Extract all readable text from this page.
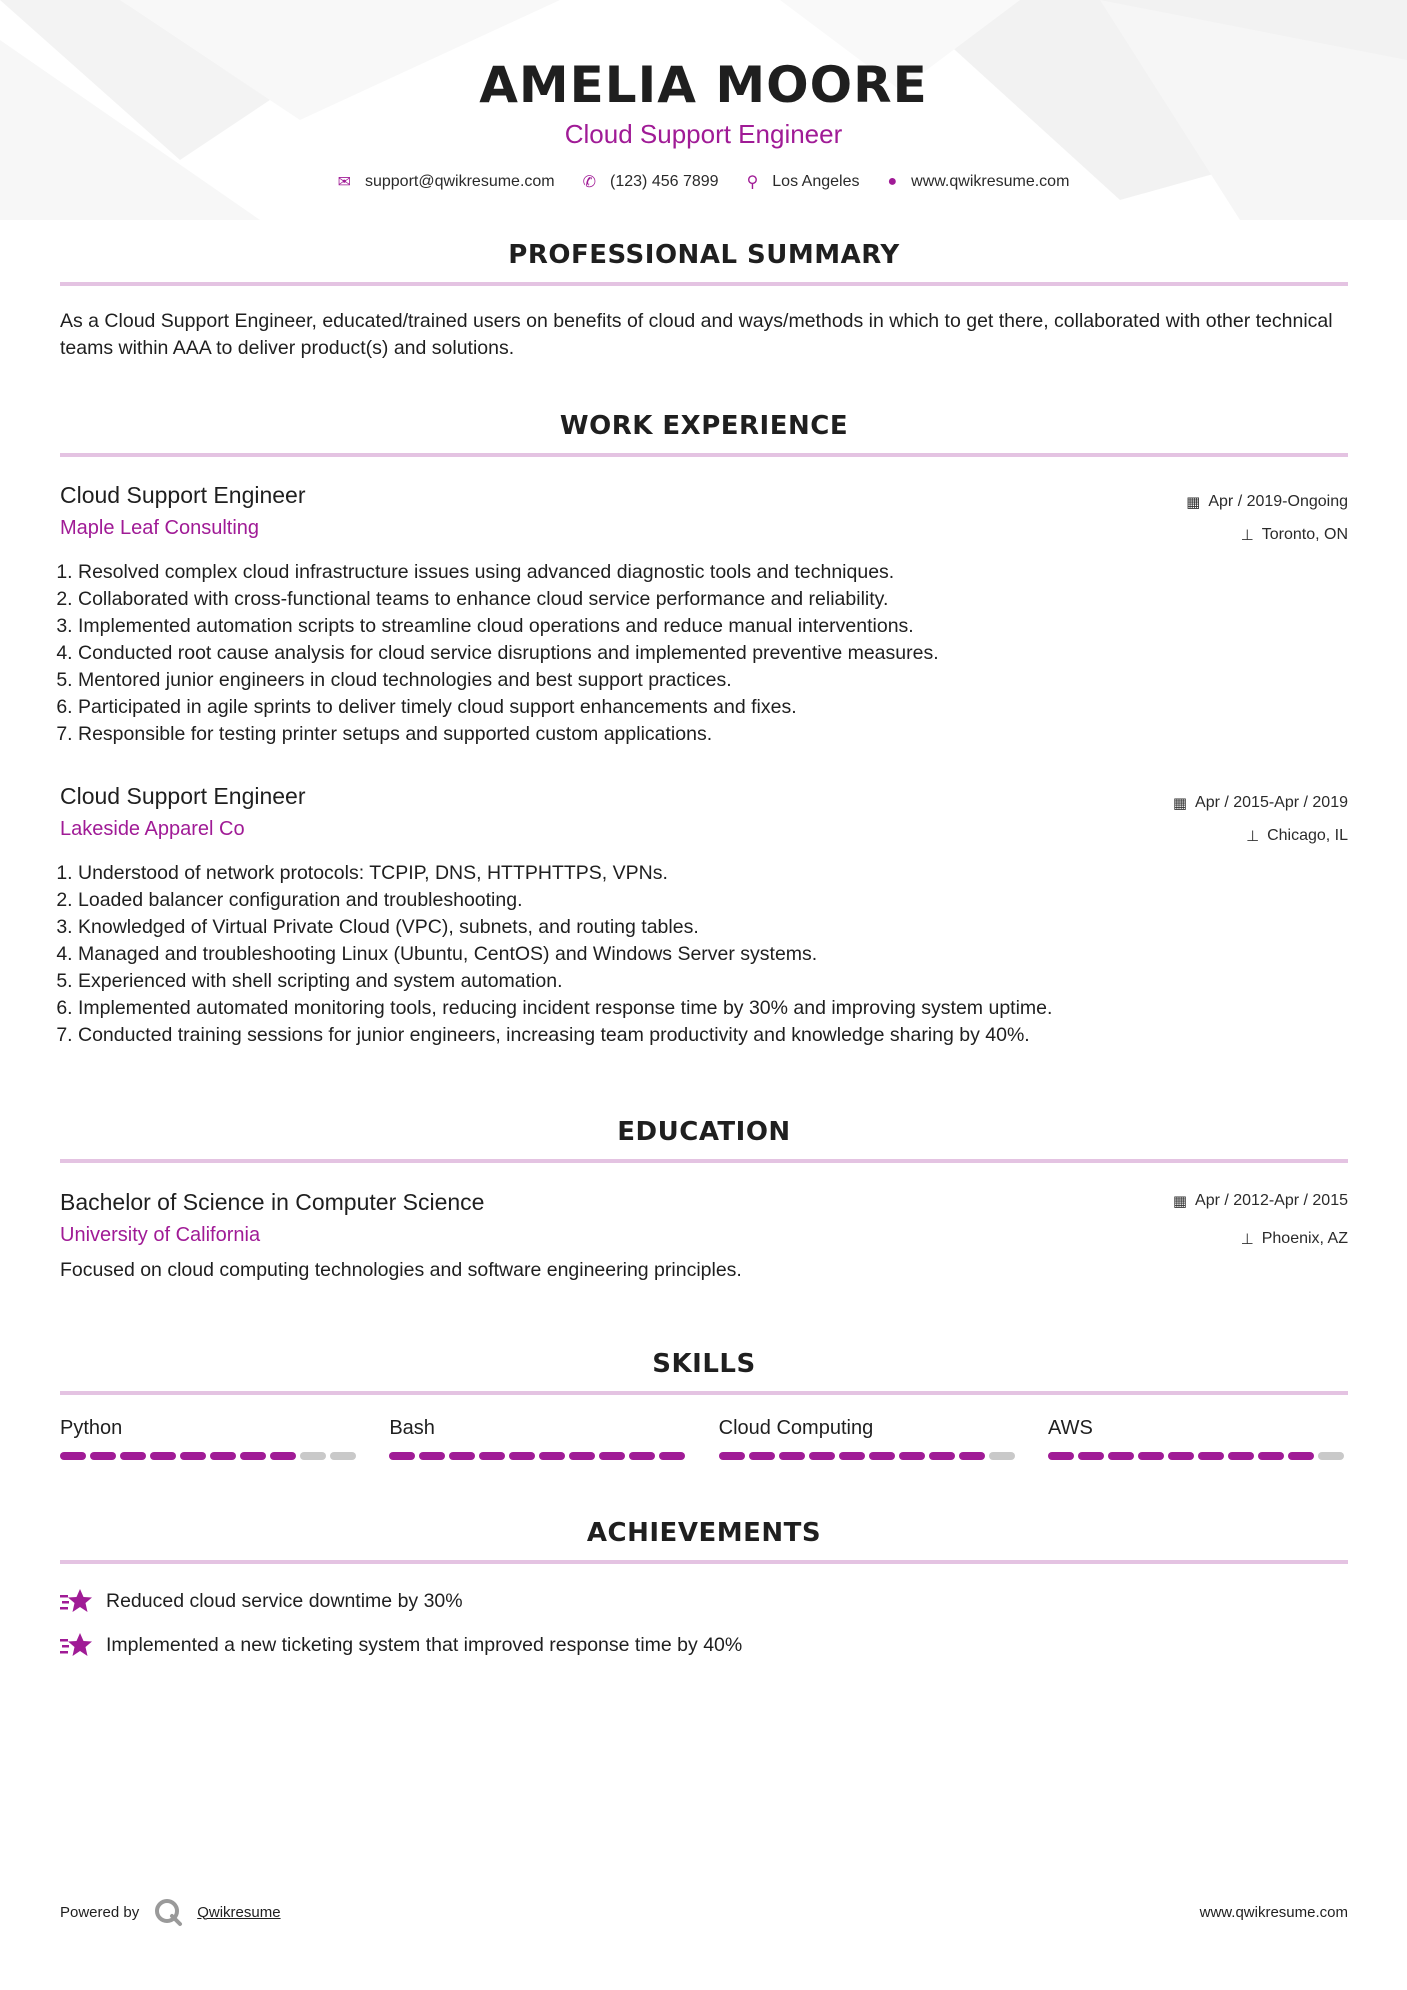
AMELIA MOORE
Cloud Support Engineer
✉ support@qwikresume.com ✆ (123) 456 7899 ⚲ Los Angeles ● www.qwikresume.com
PROFESSIONAL SUMMARY
As a Cloud Support Engineer, educated/trained users on benefits of cloud and ways/methods in which to get there, collaborated with other technical teams within AAA to deliver product(s) and solutions.
WORK EXPERIENCE
Cloud Support Engineer
Maple Leaf Consulting
▦ Apr / 2019-Ongoing
⊥ Toronto, ON
1. Resolved complex cloud infrastructure issues using advanced diagnostic tools and techniques.
2. Collaborated with cross-functional teams to enhance cloud service performance and reliability.
3. Implemented automation scripts to streamline cloud operations and reduce manual interventions.
4. Conducted root cause analysis for cloud service disruptions and implemented preventive measures.
5. Mentored junior engineers in cloud technologies and best support practices.
6. Participated in agile sprints to deliver timely cloud support enhancements and fixes.
7. Responsible for testing printer setups and supported custom applications.
Cloud Support Engineer
Lakeside Apparel Co
▦ Apr / 2015-Apr / 2019
⊥ Chicago, IL
1. Understood of network protocols: TCPIP, DNS, HTTPHTTPS, VPNs.
2. Loaded balancer configuration and troubleshooting.
3. Knowledged of Virtual Private Cloud (VPC), subnets, and routing tables.
4. Managed and troubleshooting Linux (Ubuntu, CentOS) and Windows Server systems.
5. Experienced with shell scripting and system automation.
6. Implemented automated monitoring tools, reducing incident response time by 30% and improving system uptime.
7. Conducted training sessions for junior engineers, increasing team productivity and knowledge sharing by 40%.
EDUCATION
Bachelor of Science in Computer Science
University of California
▦ Apr / 2012-Apr / 2015
⊥ Phoenix, AZ
Focused on cloud computing technologies and software engineering principles.
SKILLS
Python	Bash	Cloud Computing	AWS
ACHIEVEMENTS
Reduced cloud service downtime by 30%
Implemented a new ticketing system that improved response time by 40%
Powered by	Qwikresume	www.qwikresume.com
